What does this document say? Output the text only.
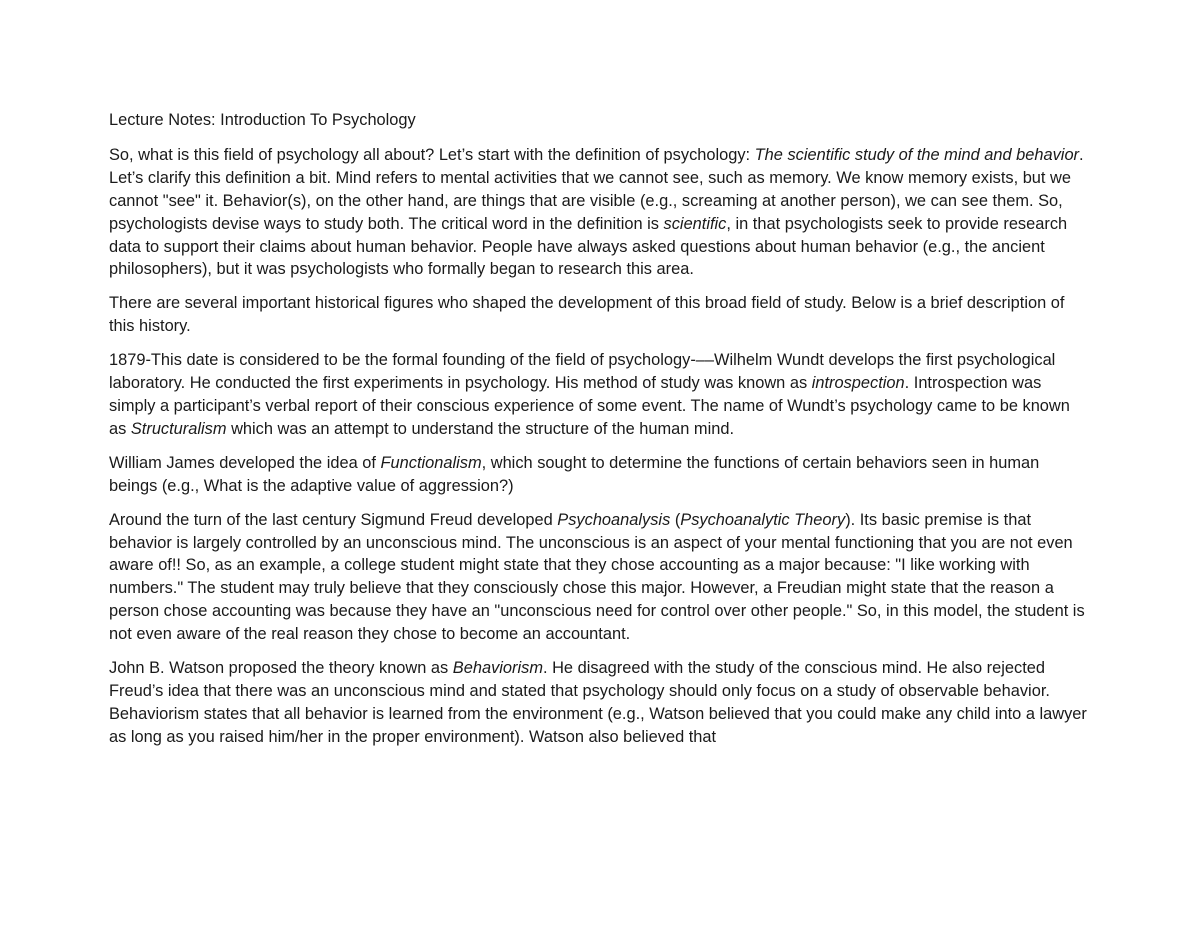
Lecture Notes: Introduction To Psychology

So, what is this field of psychology all about? Let’s start with the definition of psychology: The scientific study of the mind and behavior. Let’s clarify this definition a bit. Mind refers to mental activities that we cannot see, such as memory. We know memory exists, but we cannot "see" it. Behavior(s), on the other hand, are things that are visible (e.g., screaming at another person), we can see them. So, psychologists devise ways to study both. The critical word in the definition is scientific, in that psychologists seek to provide research data to support their claims about human behavior. People have always asked questions about human behavior (e.g., the ancient philosophers), but it was psychologists who formally began to research this area.

There are several important historical figures who shaped the development of this broad field of study. Below is a brief description of this history.

1879-This date is considered to be the formal founding of the field of psychology-––Wilhelm Wundt develops the first psychological laboratory. He conducted the first experiments in psychology. His method of study was known as introspection. Introspection was simply a participant’s verbal report of their conscious experience of some event. The name of Wundt’s psychology came to be known as Structuralism which was an attempt to understand the structure of the human mind.

William James developed the idea of Functionalism, which sought to determine the functions of certain behaviors seen in human beings (e.g., What is the adaptive value of aggression?)

Around the turn of the last century Sigmund Freud developed Psychoanalysis (Psychoanalytic Theory). Its basic premise is that behavior is largely controlled by an unconscious mind. The unconscious is an aspect of your mental functioning that you are not even aware of!! So, as an example, a college student might state that they chose accounting as a major because: "I like working with numbers." The student may truly believe that they consciously chose this major. However, a Freudian might state that the reason a person chose accounting was because they have an "unconscious need for control over other people." So, in this model, the student is not even aware of the real reason they chose to become an accountant.

John B. Watson proposed the theory known as Behaviorism. He disagreed with the study of the conscious mind. He also rejected Freud’s idea that there was an unconscious mind and stated that psychology should only focus on a study of observable behavior. Behaviorism states that all behavior is learned from the environment (e.g., Watson believed that you could make any child into a lawyer as long as you raised him/her in the proper environment). Watson also believed that
